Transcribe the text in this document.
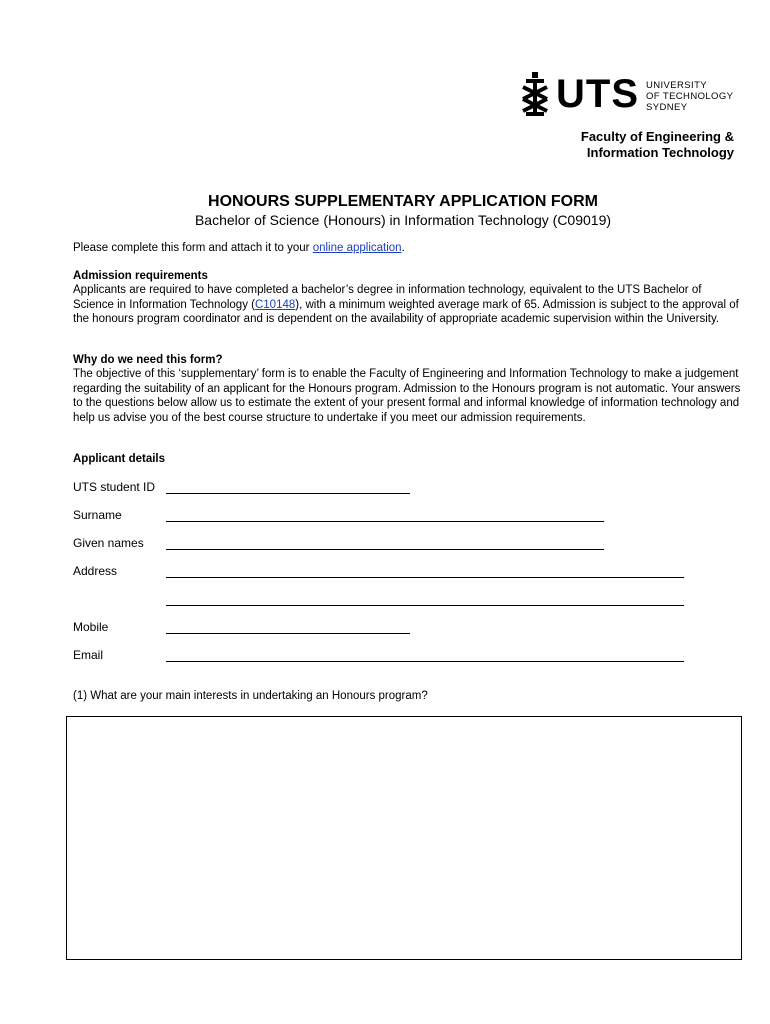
UTS UNIVERSITY
OF TECHNOLOGY
SYDNEY
Faculty of Engineering &
Information Technology
HONOURS SUPPLEMENTARY APPLICATION FORM
Bachelor of Science (Honours) in Information Technology (C09019)
Please complete this form and attach it to your online application.
Admission requirements
Applicants are required to have completed a bachelor’s degree in information technology, equivalent to the UTS Bachelor of Science in Information Technology (C10148), with a minimum weighted average mark of 65. Admission is subject to the approval of the honours program coordinator and is dependent on the availability of appropriate academic supervision within the University.
Why do we need this form?
The objective of this ‘supplementary’ form is to enable the Faculty of Engineering and Information Technology to make a judgement regarding the suitability of an applicant for the Honours program. Admission to the Honours program is not automatic. Your answers to the questions below allow us to estimate the extent of your present formal and informal knowledge of information technology and help us advise you of the best course structure to undertake if you meet our admission requirements.
Applicant details
UTS student ID
Surname
Given names
Address
Mobile
Email
(1) What are your main interests in undertaking an Honours program?
